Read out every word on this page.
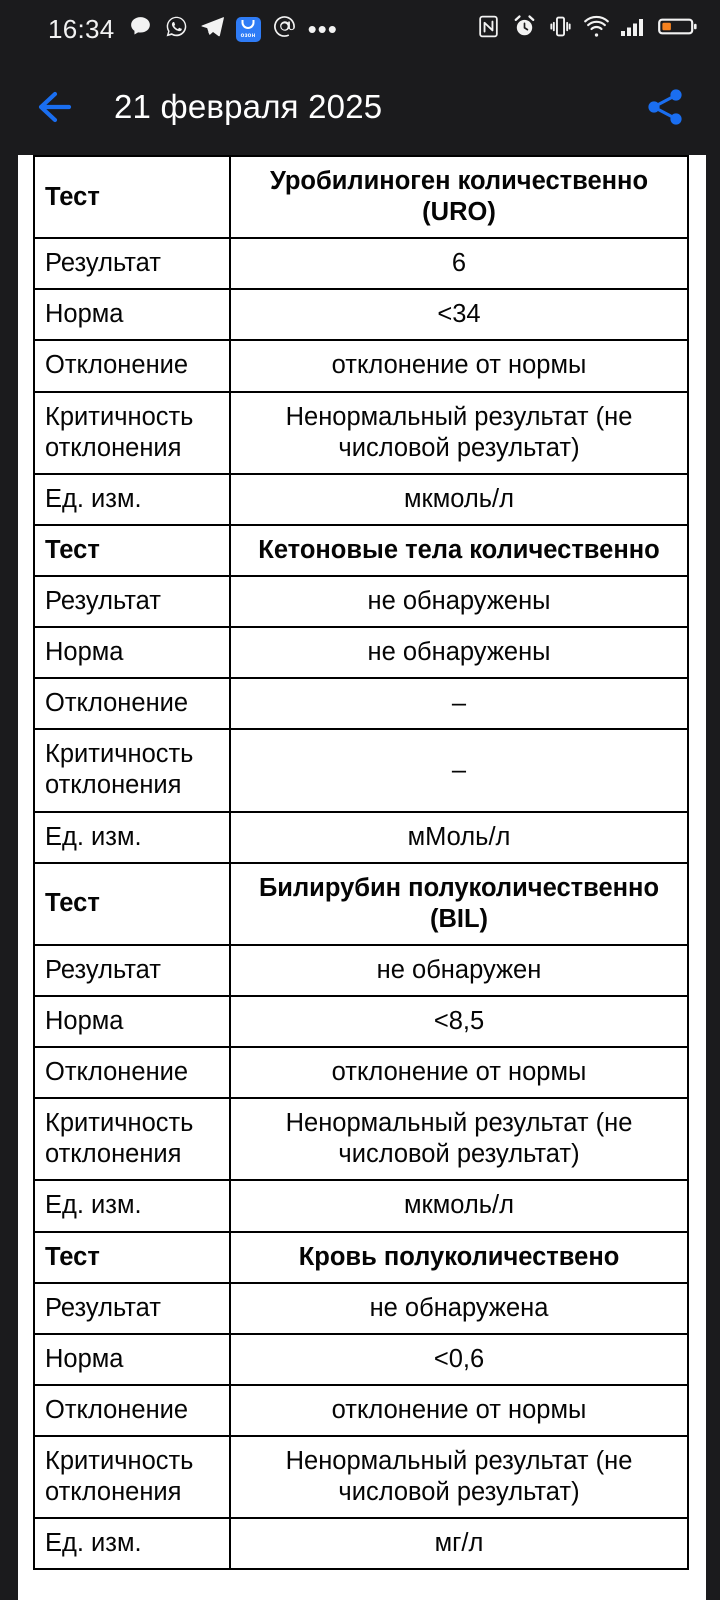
16:34	озон •••
21 февраля 2025
Тест	Уробилиноген количественно (URO)
Результат	6
Норма	<34
Отклонение	отклонение от нормы
Критичность отклонения	Ненормальный результат (не числовой результат)
Ед. изм.	мкмоль/л
Тест	Кетоновые тела количественно
Результат	не обнаружены
Норма	не обнаружены
Отклонение	–
Критичность отклонения	–
Ед. изм.	мМоль/л
Тест	Билирубин полуколичественно (BIL)
Результат	не обнаружен
Норма	<8,5
Отклонение	отклонение от нормы
Критичность отклонения	Ненормальный результат (не числовой результат)
Ед. изм.	мкмоль/л
Тест	Кровь полуколичествено
Результат	не обнаружена
Норма	<0,6
Отклонение	отклонение от нормы
Критичность отклонения	Ненормальный результат (не числовой результат)
Ед. изм.	мг/л
